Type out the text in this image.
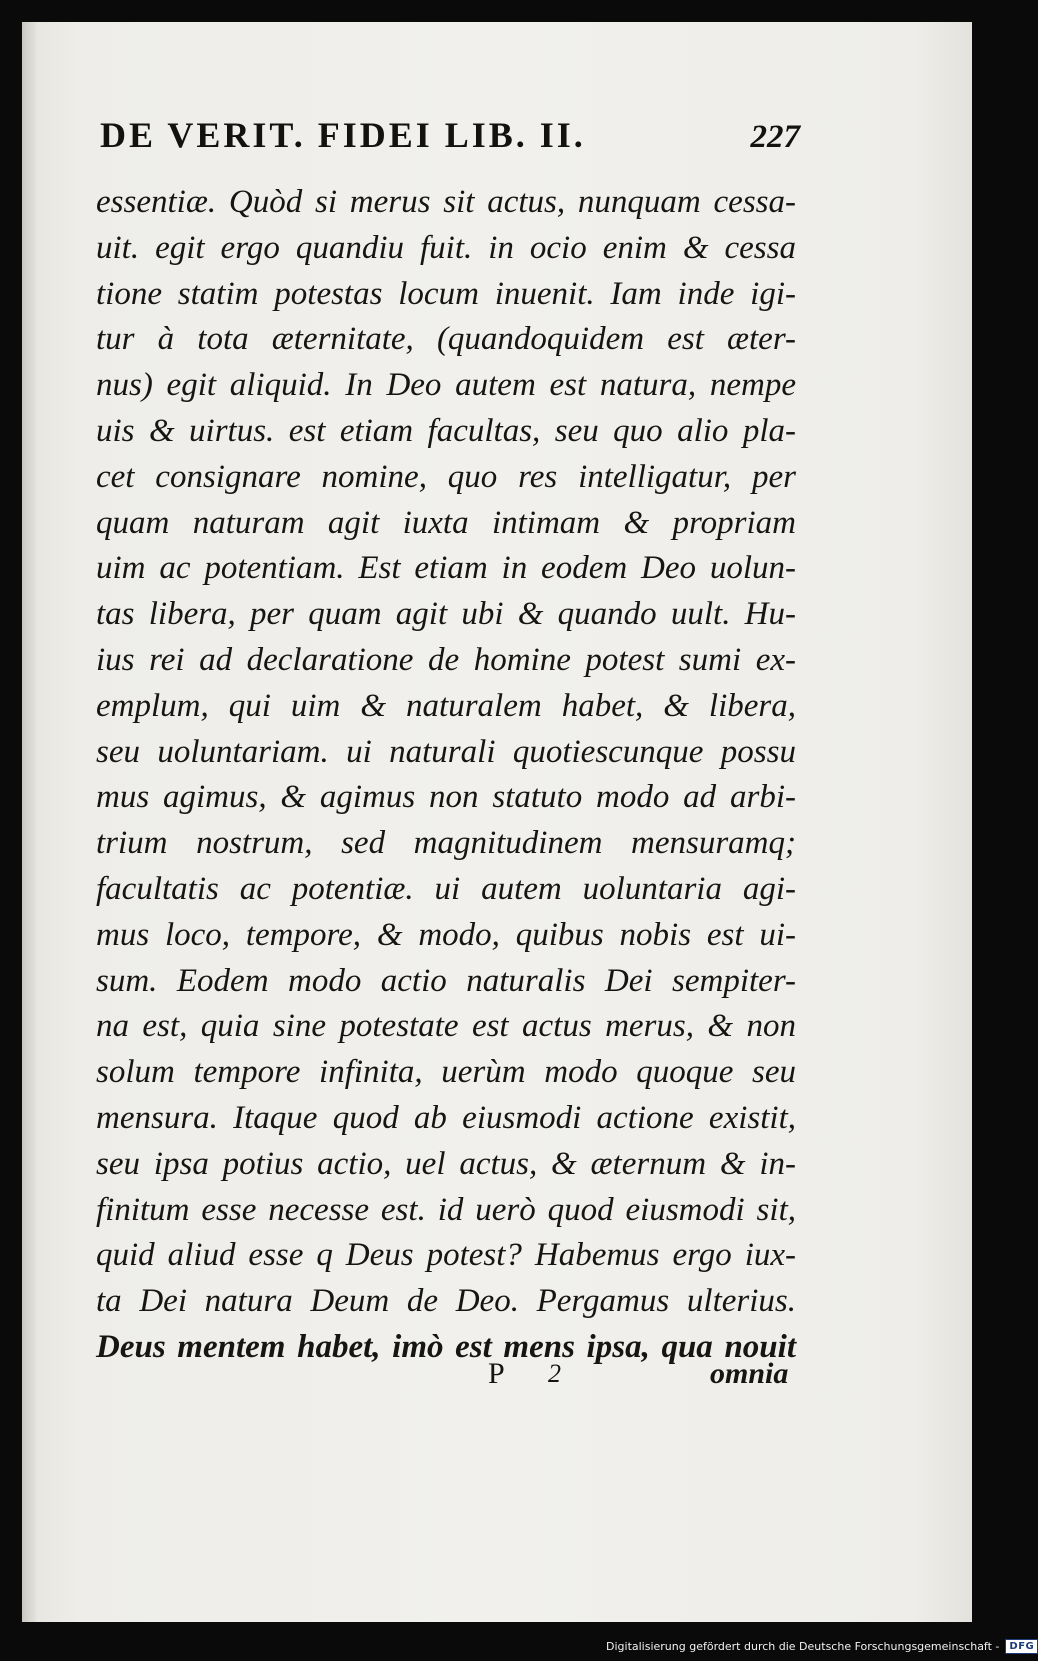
DE VERIT. FIDEI LIB. II.	227
essentiæ. Quòd si merus sit actus, nunquam cessa-
uit. egit ergo quandiu fuit. in ocio enim & cessa
tione statim potestas locum inuenit. Iam inde igi-
tur à tota æternitate, (quandoquidem est æter-
nus) egit aliquid. In Deo autem est natura, nempe
uis & uirtus. est etiam facultas, seu quo alio pla-
cet consignare nomine, quo res intelligatur, per
quam naturam agit iuxta intimam & propriam
uim ac potentiam. Est etiam in eodem Deo uolun-
tas libera, per quam agit ubi & quando uult. Hu-
ius rei ad declaratione de homine potest sumi ex-
emplum, qui uim & naturalem habet, & libera,
seu uoluntariam. ui naturali quotiescunque possu
mus agimus, & agimus non statuto modo ad arbi-
trium nostrum, sed magnitudinem mensuramq;
facultatis ac potentiæ. ui autem uoluntaria agi-
mus loco, tempore, & modo, quibus nobis est ui-
sum. Eodem modo actio naturalis Dei sempiter-
na est, quia sine potestate est actus merus, & non
solum tempore infinita, uerùm modo quoque seu
mensura. Itaque quod ab eiusmodi actione existit,
seu ipsa potius actio, uel actus, & æternum & in-
finitum esse necesse est. id uerò quod eiusmodi sit,
quid aliud esse q Deus potest? Habemus ergo iux-
ta Dei natura Deum de Deo. Pergamus ulterius.
Deus mentem habet, imò est mens ipsa, qua nouit
P 2	omnia
Digitalisierung gefördert durch die Deutsche Forschungsgemeinschaft -	DFG
